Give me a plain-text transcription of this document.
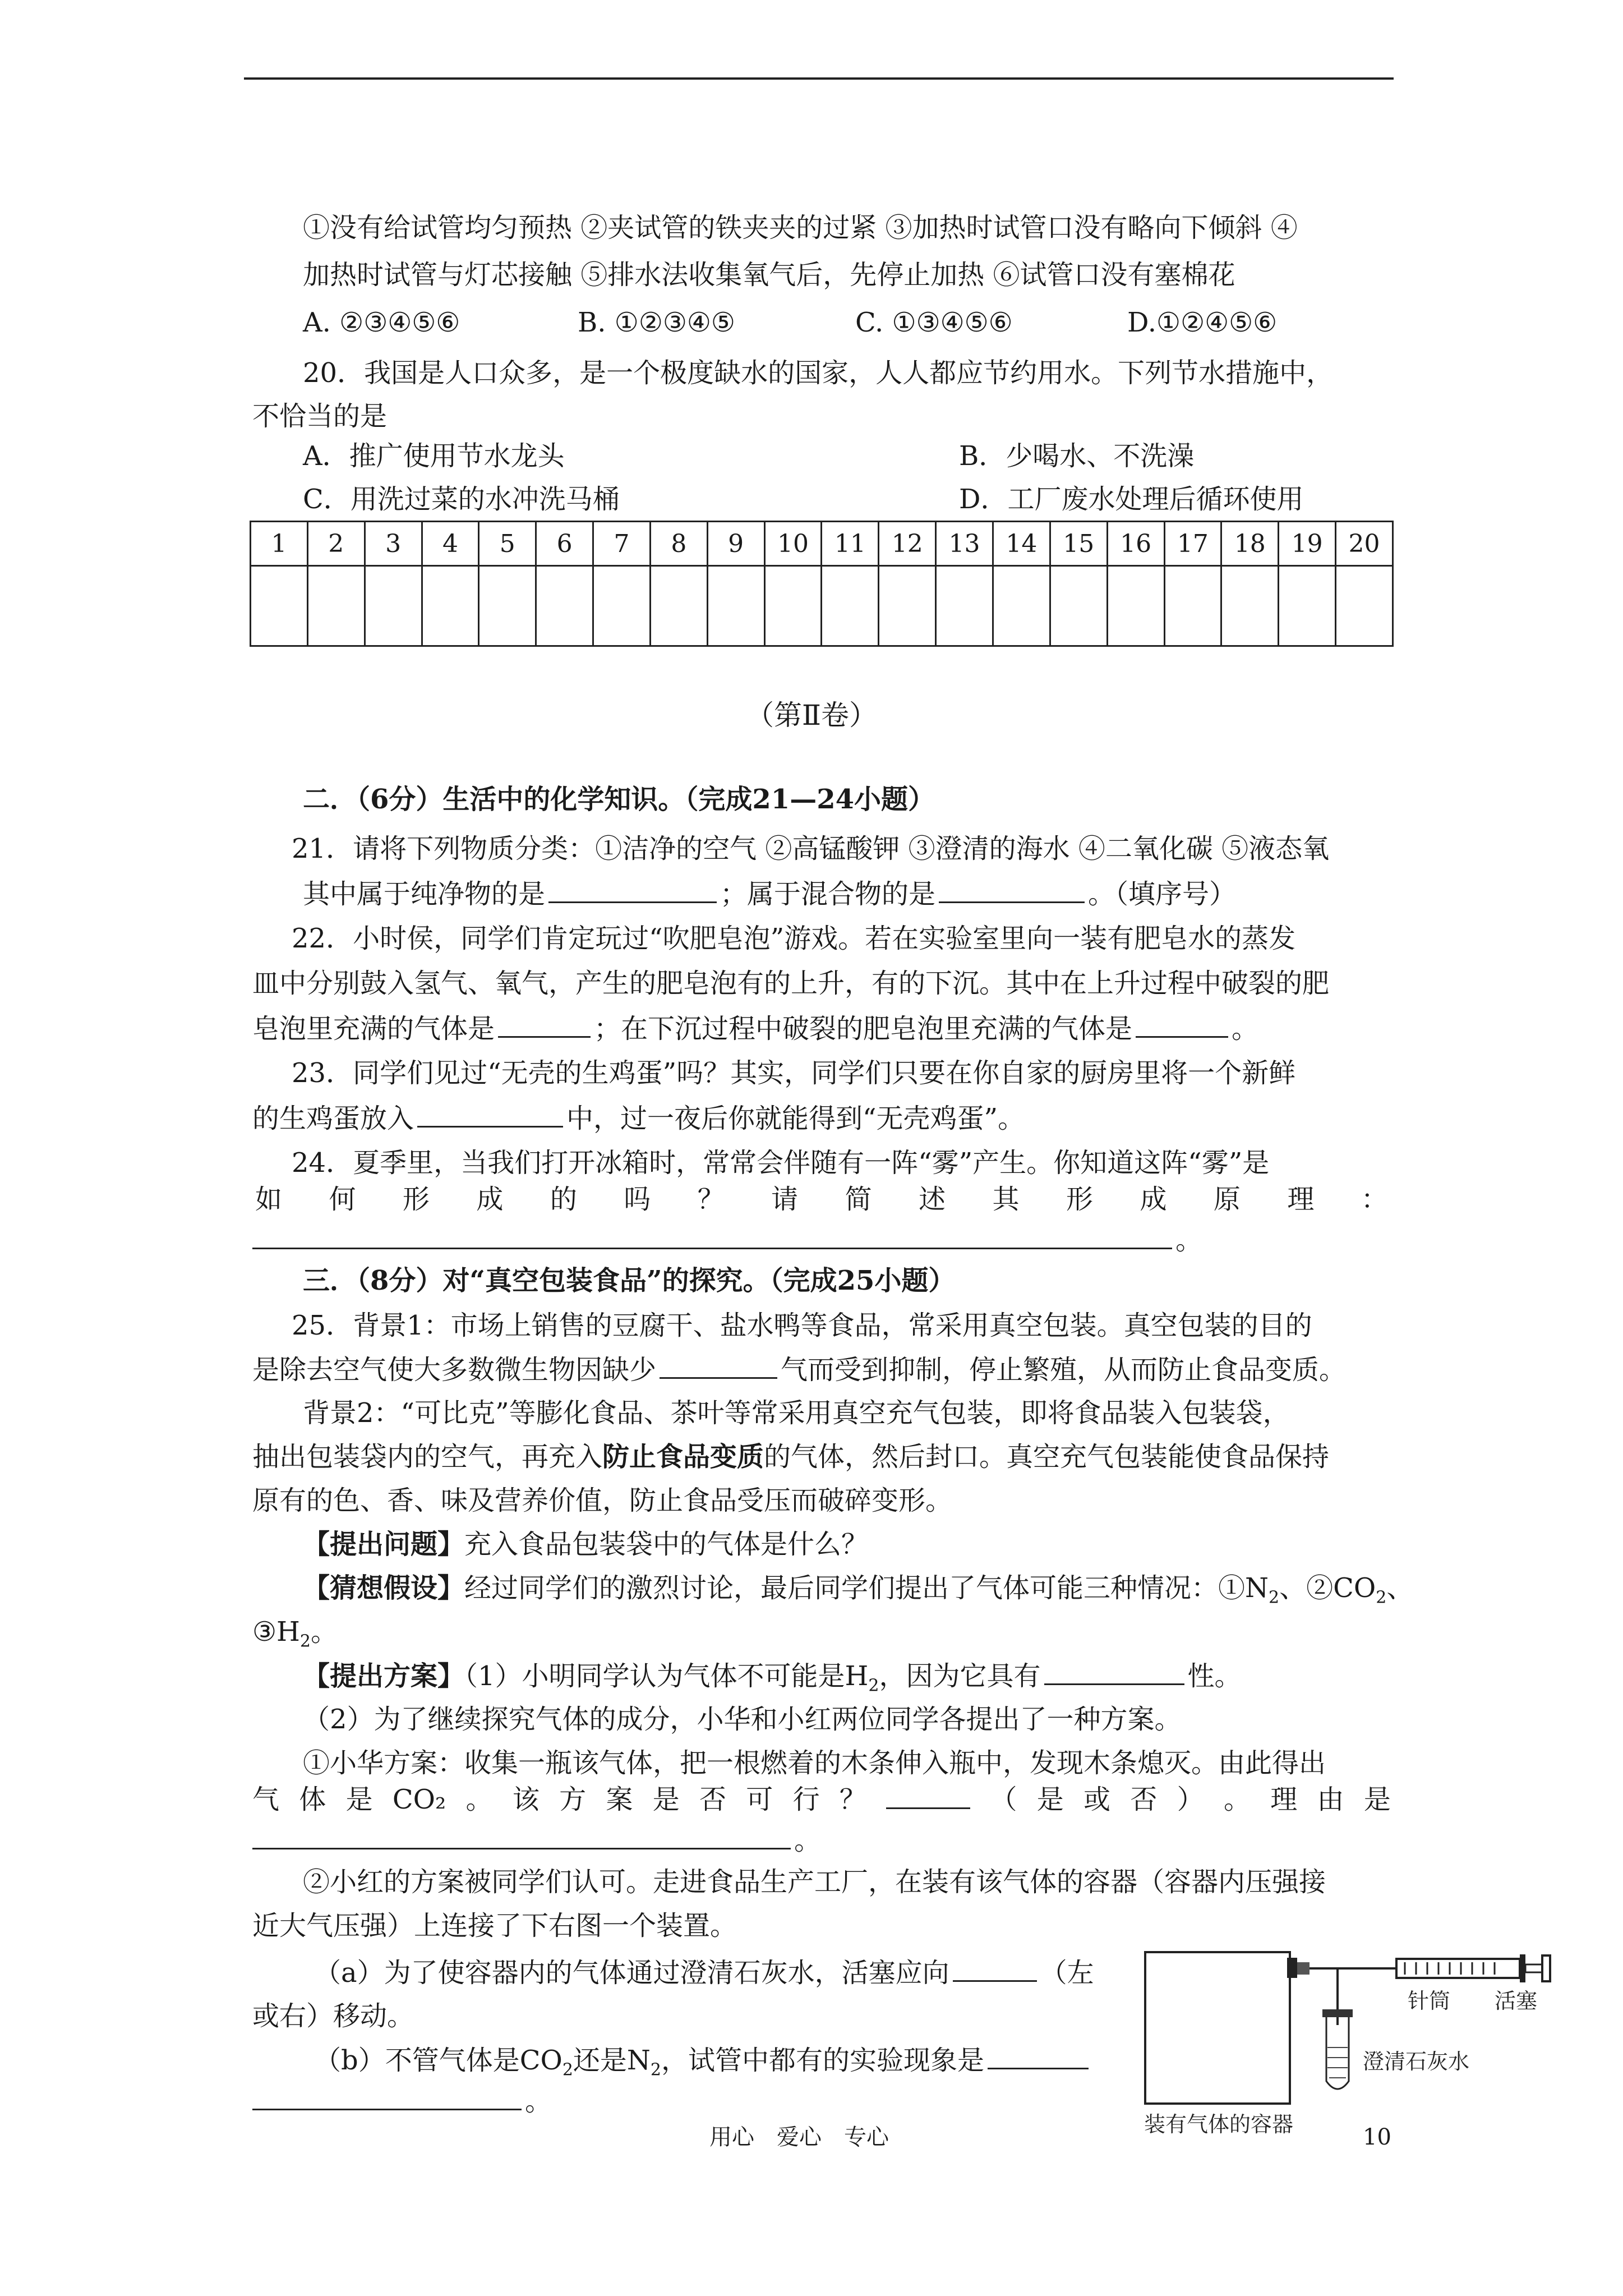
①没有给试管均匀预热 ②夹试管的铁夹夹的过紧 ③加热时试管口没有略向下倾斜 ④
加热时试管与灯芯接触 ⑤排水法收集氧气后，先停止加热 ⑥试管口没有塞棉花
A. ②③④⑤⑥	B. ①②③④⑤	C. ①③④⑤⑥	D.①②④⑤⑥
20．我国是人口众多，是一个极度缺水的国家，人人都应节约用水。下列节水措施中，
不恰当的是
A．推广使用节水龙头	B．少喝水、不洗澡
C．用洗过菜的水冲洗马桶	D．工厂废水处理后循环使用
1	2	3	4	5	6	7	8	9	10	11	12	13	14	15	16	17	18	19	20

（第Ⅱ卷）
二．（6分）生活中的化学知识。（完成21—24小题）
21．请将下列物质分类：①洁净的空气 ②高锰酸钾 ③澄清的海水 ④二氧化碳 ⑤液态氧
其中属于纯净物的是	；属于混合物的是	。（填序号）
22．小时侯，同学们肯定玩过“吹肥皂泡”游戏。若在实验室里向一装有肥皂水的蒸发
皿中分别鼓入氢气、氧气，产生的肥皂泡有的上升，有的下沉。其中在上升过程中破裂的肥
皂泡里充满的气体是	；在下沉过程中破裂的肥皂泡里充满的气体是	。
23．同学们见过“无壳的生鸡蛋”吗？其实，同学们只要在你自家的厨房里将一个新鲜
的生鸡蛋放入	中，过一夜后你就能得到“无壳鸡蛋”。
24．夏季里，当我们打开冰箱时，常常会伴随有一阵“雾”产生。你知道这阵“雾”是
如 何 形 成 的 吗 ？ 请 简 述 其 形 成 原 理 ：
。
三．（8分）对“真空包装食品”的探究。（完成25小题）
25．背景1：市场上销售的豆腐干、盐水鸭等食品，常采用真空包装。真空包装的目的
是除去空气使大多数微生物因缺少	气而受到抑制，停止繁殖，从而防止食品变质。
背景2：“可比克”等膨化食品、茶叶等常采用真空充气包装，即将食品装入包装袋，
抽出包装袋内的空气，再充入防止食品变质的气体，然后封口。真空充气包装能使食品保持
原有的色、香、味及营养价值，防止食品受压而破碎变形。
【提出问题】充入食品包装袋中的气体是什么？
【猜想假设】经过同学们的激烈讨论，最后同学们提出了气体可能三种情况：$①N_2$、$②CO_2$、
$③H_2$。
【提出方案】（1）小明同学认为气体不可能是$H_2$，因为它具有	性。
（2）为了继续探究气体的成分，小华和小红两位同学各提出了一种方案。
①小华方案：收集一瓶该气体，把一根燃着的木条伸入瓶中，发现木条熄灭。由此得出
气 体 是 CO₂ 。 该 方 案 是 否 可 行 ？	（ 是 或 否 ） 。 理 由 是
。
②小红的方案被同学们认可。走进食品生产工厂，在装有该气体的容器（容器内压强接
近大气压强）上连接了下右图一个装置。
（a）为了使容器内的气体通过澄清石灰水，活塞应向	（左
或右）移动。
（b）不管气体是$CO_2$还是$N_2$，试管中都有的实验现象是
。
针筒 活塞
澄清石灰水
装有气体的容器
用心　爱心　专心	10
